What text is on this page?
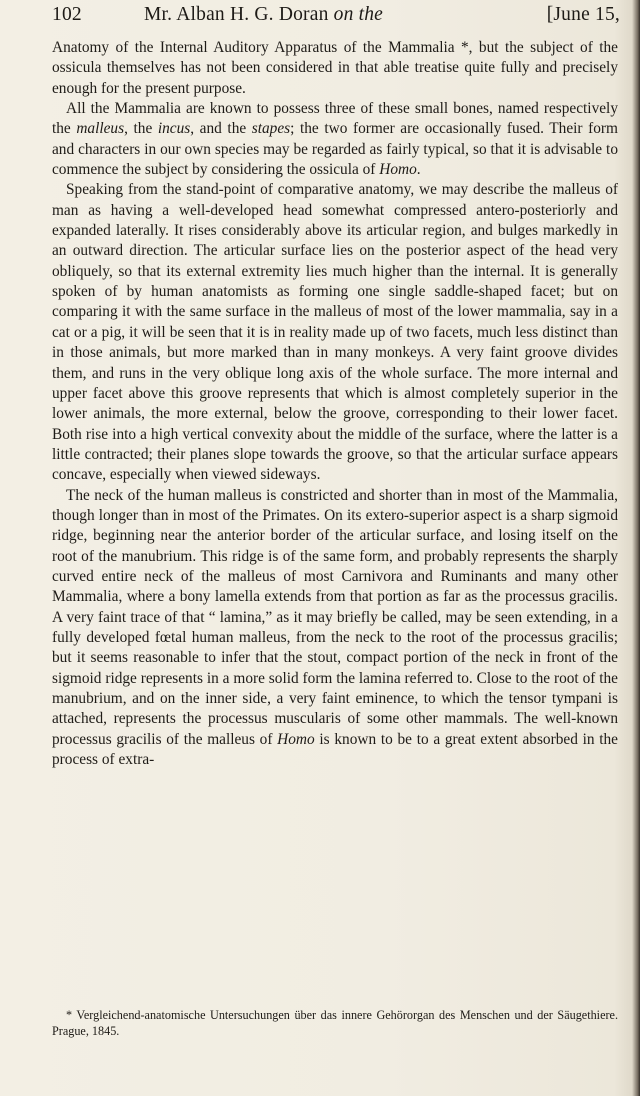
102	Mr. Alban H. G. Doran on the	[June 15,

Anatomy of the Internal Auditory Apparatus of the Mammalia *, but the subject of the ossicula themselves has not been considered in that able treatise quite fully and precisely enough for the present purpose.

All the Mammalia are known to possess three of these small bones, named respectively the malleus, the incus, and the stapes; the two former are occasionally fused. Their form and characters in our own species may be regarded as fairly typical, so that it is advisable to commence the subject by considering the ossicula of Homo.

Speaking from the stand-point of comparative anatomy, we may describe the malleus of man as having a well-developed head somewhat compressed antero-posteriorly and expanded laterally. It rises considerably above its articular region, and bulges markedly in an outward direction. The articular surface lies on the posterior aspect of the head very obliquely, so that its external extremity lies much higher than the internal. It is generally spoken of by human anatomists as forming one single saddle-shaped facet; but on comparing it with the same surface in the malleus of most of the lower mammalia, say in a cat or a pig, it will be seen that it is in reality made up of two facets, much less distinct than in those animals, but more marked than in many monkeys. A very faint groove divides them, and runs in the very oblique long axis of the whole surface. The more internal and upper facet above this groove represents that which is almost completely superior in the lower animals, the more external, below the groove, corresponding to their lower facet. Both rise into a high vertical convexity about the middle of the surface, where the latter is a little contracted; their planes slope towards the groove, so that the articular surface appears concave, especially when viewed sideways.

The neck of the human malleus is constricted and shorter than in most of the Mammalia, though longer than in most of the Primates. On its extero-superior aspect is a sharp sigmoid ridge, beginning near the anterior border of the articular surface, and losing itself on the root of the manubrium. This ridge is of the same form, and probably represents the sharply curved entire neck of the malleus of most Carnivora and Ruminants and many other Mammalia, where a bony lamella extends from that portion as far as the processus gracilis. A very faint trace of that “ lamina,” as it may briefly be called, may be seen extending, in a fully developed fœtal human malleus, from the neck to the root of the processus gracilis; but it seems reasonable to infer that the stout, compact portion of the neck in front of the sigmoid ridge represents in a more solid form the lamina referred to. Close to the root of the manubrium, and on the inner side, a very faint eminence, to which the tensor tympani is attached, represents the processus muscularis of some other mammals. The well-known processus gracilis of the malleus of Homo is known to be to a great extent absorbed in the process of extra-

* Vergleichend-anatomische Untersuchungen über das innere Gehörorgan des Menschen und der Säugethiere. Prague, 1845.
